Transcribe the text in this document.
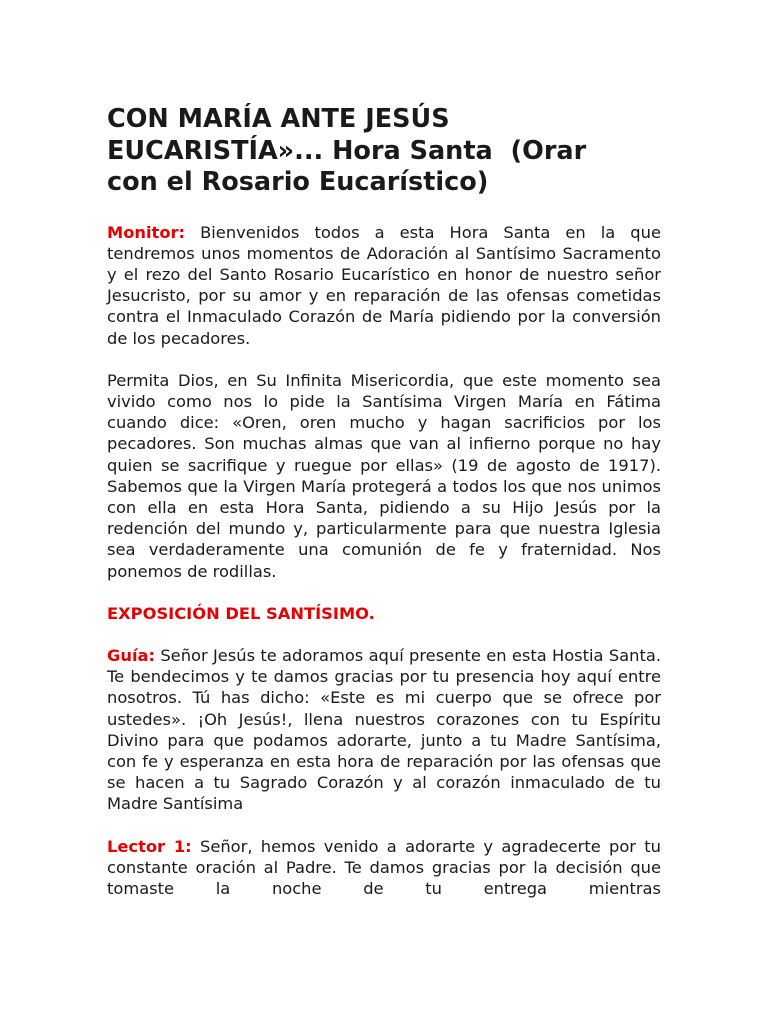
CON MARÍA ANTE JESÚS
EUCARISTÍA»... Hora Santa  (Orar
con el Rosario Eucarístico)

Monitor: Bienvenidos todos a esta Hora Santa en la que tendremos unos momentos de Adoración al Santísimo Sacramento y el rezo del Santo Rosario Eucarístico en honor de nuestro señor Jesucristo, por su amor y en reparación de las ofensas cometidas contra el Inmaculado Corazón de María pidiendo por la conversión de los pecadores.

Permita Dios, en Su Infinita Misericordia, que este momento sea vivido como nos lo pide la Santísima Virgen María en Fátima cuando dice: «Oren, oren mucho y hagan sacrificios por los pecadores. Son muchas almas que van al infierno porque no hay quien se sacrifique y ruegue por ellas» (19 de agosto de 1917). Sabemos que la Virgen María protegerá a todos los que nos unimos con ella en esta Hora Santa, pidiendo a su Hijo Jesús por la redención del mundo y, particularmente para que nuestra Iglesia sea verdaderamente una comunión de fe y fraternidad. Nos ponemos de rodillas.

EXPOSICIÓN DEL SANTÍSIMO.

Guía: Señor Jesús te adoramos aquí presente en esta Hostia Santa. Te bendecimos y te damos gracias por tu presencia hoy aquí entre nosotros. Tú has dicho: «Este es mi cuerpo que se ofrece por ustedes». ¡Oh Jesús!, llena nuestros corazones con tu Espíritu Divino para que podamos adorarte, junto a tu Madre Santísima, con fe y esperanza en esta hora de reparación por las ofensas que se hacen a tu Sagrado Corazón y al corazón inmaculado de tu Madre Santísima

Lector 1: Señor, hemos venido a adorarte y agradecerte por tu constante oración al Padre. Te damos gracias por la decisión que tomaste la noche de tu entrega mientras
